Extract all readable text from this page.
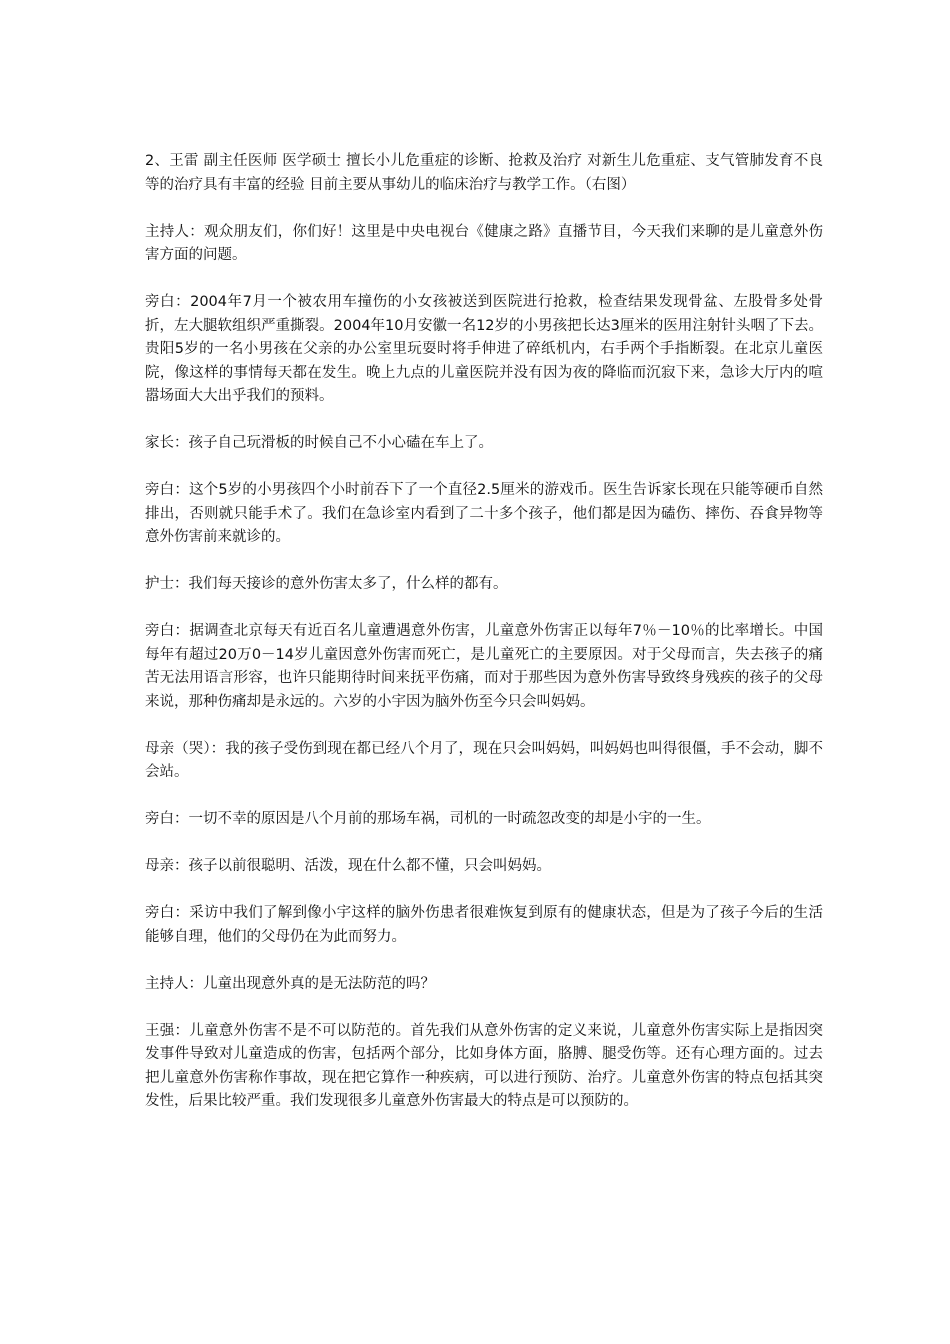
2、王雷 副主任医师 医学硕士 擅长小儿危重症的诊断、抢救及治疗 对新生儿危重症、支气管肺发育不良等的治疗具有丰富的经验 目前主要从事幼儿的临床治疗与教学工作。（右图）

主持人：观众朋友们，你们好！这里是中央电视台《健康之路》直播节目，今天我们来聊的是儿童意外伤害方面的问题。

旁白：2004年7月一个被农用车撞伤的小女孩被送到医院进行抢救，检查结果发现骨盆、左股骨多处骨折，左大腿软组织严重撕裂。2004年10月安徽一名12岁的小男孩把长达3厘米的医用注射针头咽了下去。贵阳5岁的一名小男孩在父亲的办公室里玩耍时将手伸进了碎纸机内，右手两个手指断裂。在北京儿童医院，像这样的事情每天都在发生。晚上九点的儿童医院并没有因为夜的降临而沉寂下来，急诊大厅内的喧嚣场面大大出乎我们的预料。

家长：孩子自己玩滑板的时候自己不小心磕在车上了。

旁白：这个5岁的小男孩四个小时前吞下了一个直径2.5厘米的游戏币。医生告诉家长现在只能等硬币自然排出，否则就只能手术了。我们在急诊室内看到了二十多个孩子，他们都是因为磕伤、摔伤、吞食异物等意外伤害前来就诊的。

护士：我们每天接诊的意外伤害太多了，什么样的都有。

旁白：据调查北京每天有近百名儿童遭遇意外伤害，儿童意外伤害正以每年7％－10％的比率增长。中国每年有超过20万0－14岁儿童因意外伤害而死亡，是儿童死亡的主要原因。对于父母而言，失去孩子的痛苦无法用语言形容，也许只能期待时间来抚平伤痛，而对于那些因为意外伤害导致终身残疾的孩子的父母来说，那种伤痛却是永远的。六岁的小宇因为脑外伤至今只会叫妈妈。

母亲（哭）：我的孩子受伤到现在都已经八个月了，现在只会叫妈妈，叫妈妈也叫得很僵，手不会动，脚不会站。

旁白：一切不幸的原因是八个月前的那场车祸，司机的一时疏忽改变的却是小宇的一生。

母亲：孩子以前很聪明、活泼，现在什么都不懂，只会叫妈妈。

旁白：采访中我们了解到像小宇这样的脑外伤患者很难恢复到原有的健康状态，但是为了孩子今后的生活能够自理，他们的父母仍在为此而努力。

主持人：儿童出现意外真的是无法防范的吗？

王强：儿童意外伤害不是不可以防范的。首先我们从意外伤害的定义来说，儿童意外伤害实际上是指因突发事件导致对儿童造成的伤害，包括两个部分，比如身体方面，胳膊、腿受伤等。还有心理方面的。过去把儿童意外伤害称作事故，现在把它算作一种疾病，可以进行预防、治疗。儿童意外伤害的特点包括其突发性，后果比较严重。我们发现很多儿童意外伤害最大的特点是可以预防的。
